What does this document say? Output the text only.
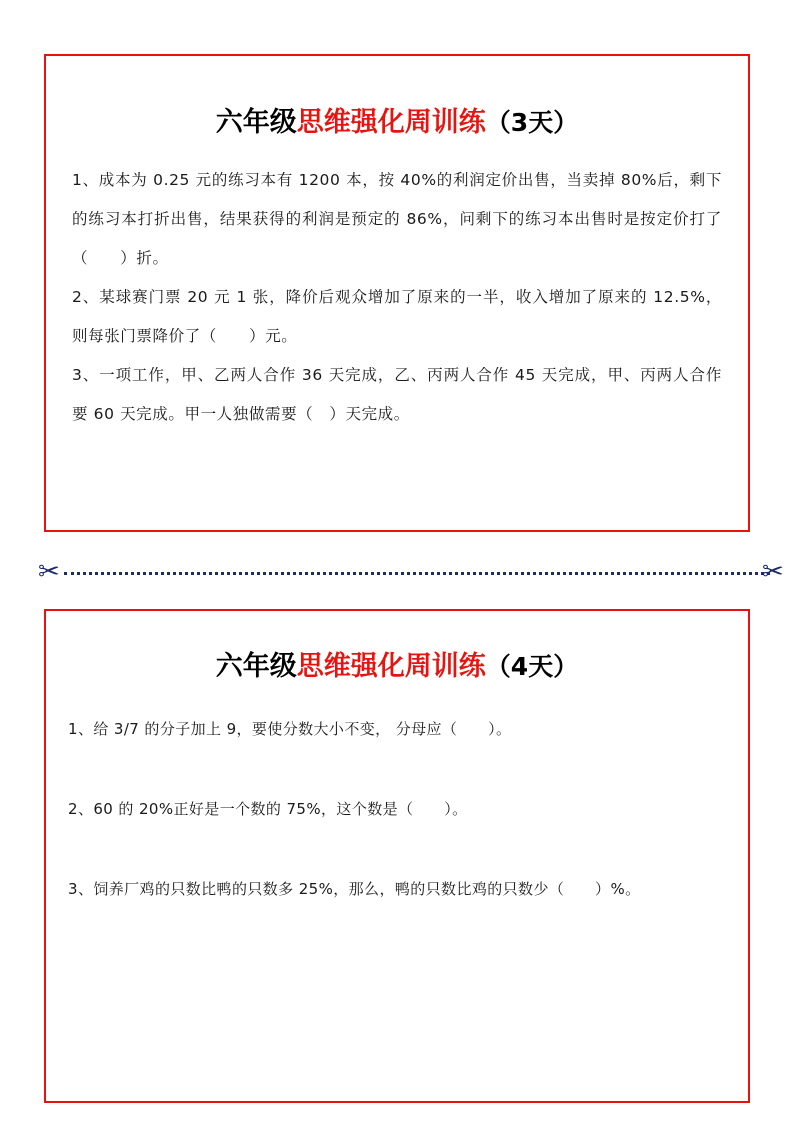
六年级思维强化周训练（3天）
1、成本为 0.25 元的练习本有 1200 本，按 40%的利润定价出售，当卖掉 80%后，剩下的练习本打折出售，结果获得的利润是预定的 86%，问剩下的练习本出售时是按定价打了（　　）折。
2、某球赛门票 20 元 1 张，降价后观众增加了原来的一半，收入增加了原来的 12.5%，则每张门票降价了（　　）元。
3、一项工作，甲、乙两人合作 36 天完成，乙、丙两人合作 45 天完成，甲、丙两人合作要 60 天完成。甲一人独做需要（　）天完成。
✂	✂
六年级思维强化周训练（4天）
1、给 3/7 的分子加上 9，要使分数大小不变， 分母应（　　）。
2、60 的 20%正好是一个数的 75%，这个数是（　　）。
3、饲养厂鸡的只数比鸭的只数多 25%，那么，鸭的只数比鸡的只数少（　　）%。
